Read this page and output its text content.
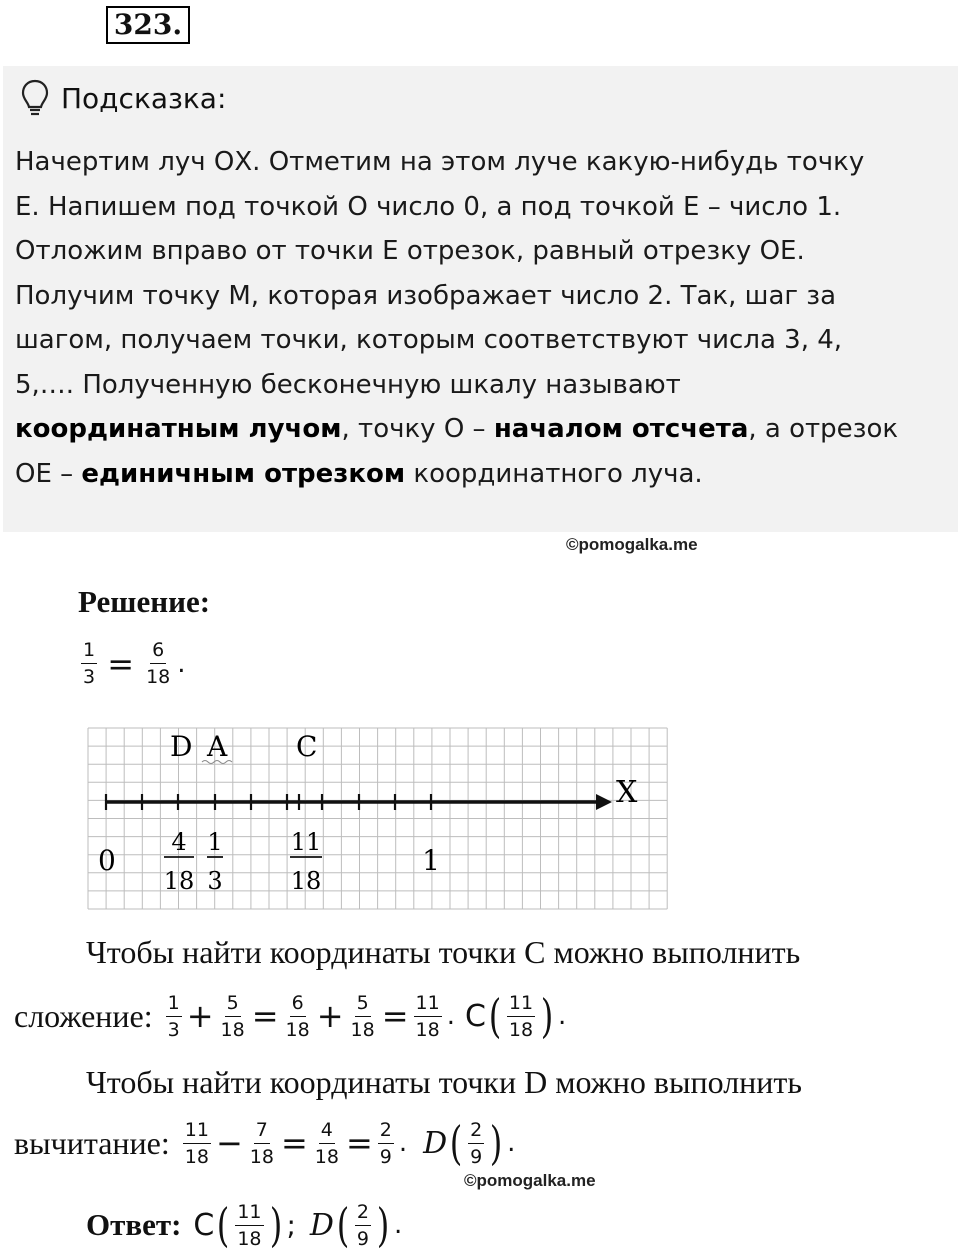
323.
Подсказка:
Начертим луч ОХ. Отметим на этом луче какую-нибудь точку
Е. Напишем под точкой О число 0, а под точкой Е – число 1.
Отложим вправо от точки Е отрезок, равный отрезку ОЕ.
Получим точку М, которая изображает число 2. Так, шаг за
шагом, получаем точки, которым соответствуют числа 3, 4,
5,…. Полученную бесконечную шкалу называют
координатным лучом, точку О – началом отсчета, а отрезок
ОЕ – единичным отрезком координатного луча.
©pomogalka.me
Решение:
$\frac{1}{3} = \frac{6}{18}$ .
X
D A C
0
4
18
1
3
11
18
1
Чтобы найти координаты точки С можно выполнить
сложение: $\frac{1}{3} + \frac{5}{18} = \frac{6}{18} + \frac{5}{18} = \frac{11}{18}$ . С ( $\frac{11}{18}$ ) .
Чтобы найти координаты точки D можно выполнить
вычитание: $\frac{11}{18} - \frac{7}{18} = \frac{4}{18} = \frac{2}{9}$ . D ( $\frac{2}{9}$ ) .
©pomogalka.me
Ответ: С ( $\frac{11}{18}$ ) ; D ( $\frac{2}{9}$ ) .
